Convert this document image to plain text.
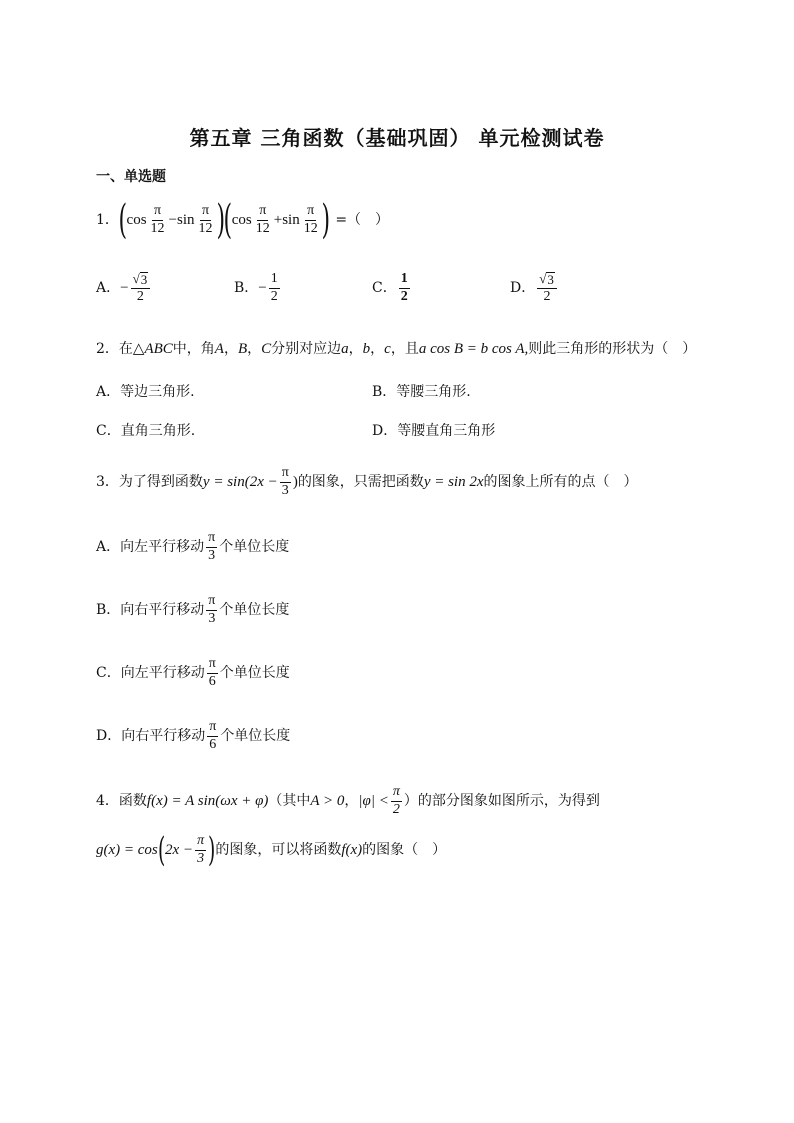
第五章 三角函数（基础巩固） 单元检测试卷
一、单选题
1． ( $\cos \frac{\pi}{12} - \sin \frac{\pi}{12}$ ) ( $\cos \frac{\pi}{12} + \sin \frac{\pi}{12}$ ) =（　）
A． − $\frac{√ 3}{2}$	B． − $\frac{1}{2}$	C． $\frac{1}{2}$	D． $\frac{√ 3}{2}$
2． 在 △ABC 中，角 A ， B ， C 分别对应边 a ， b ， c ，且 a cos B = b cos A, 则此三角形的形状为（　）
A．等边三角形.	B．等腰三角形.
C．直角三角形.	D．等腰直角三角形
3． 为了得到函数 $y = \sin(2x - \frac{\pi}{3}$ ) 的图象，只需把函数 y = sin 2x 的图象上所有的点（　）
A．向左平行移动 $\frac{\pi}{3}$ 个单位长度
B．向右平行移动 $\frac{\pi}{3}$ 个单位长度
C．向左平行移动 $\frac{\pi}{6}$ 个单位长度
D．向右平行移动 $\frac{\pi}{6}$ 个单位长度
4． 函数 f(x) = A sin(ωx + φ) （其中 A > 0 ， $|\varphi| < \frac{\pi}{2}$ ）的部分图象如图所示，为得到
g(x) = cos ( $2x - \frac{\pi}{3}$ ) 的图象，可以将函数 f(x) 的图象（　）
